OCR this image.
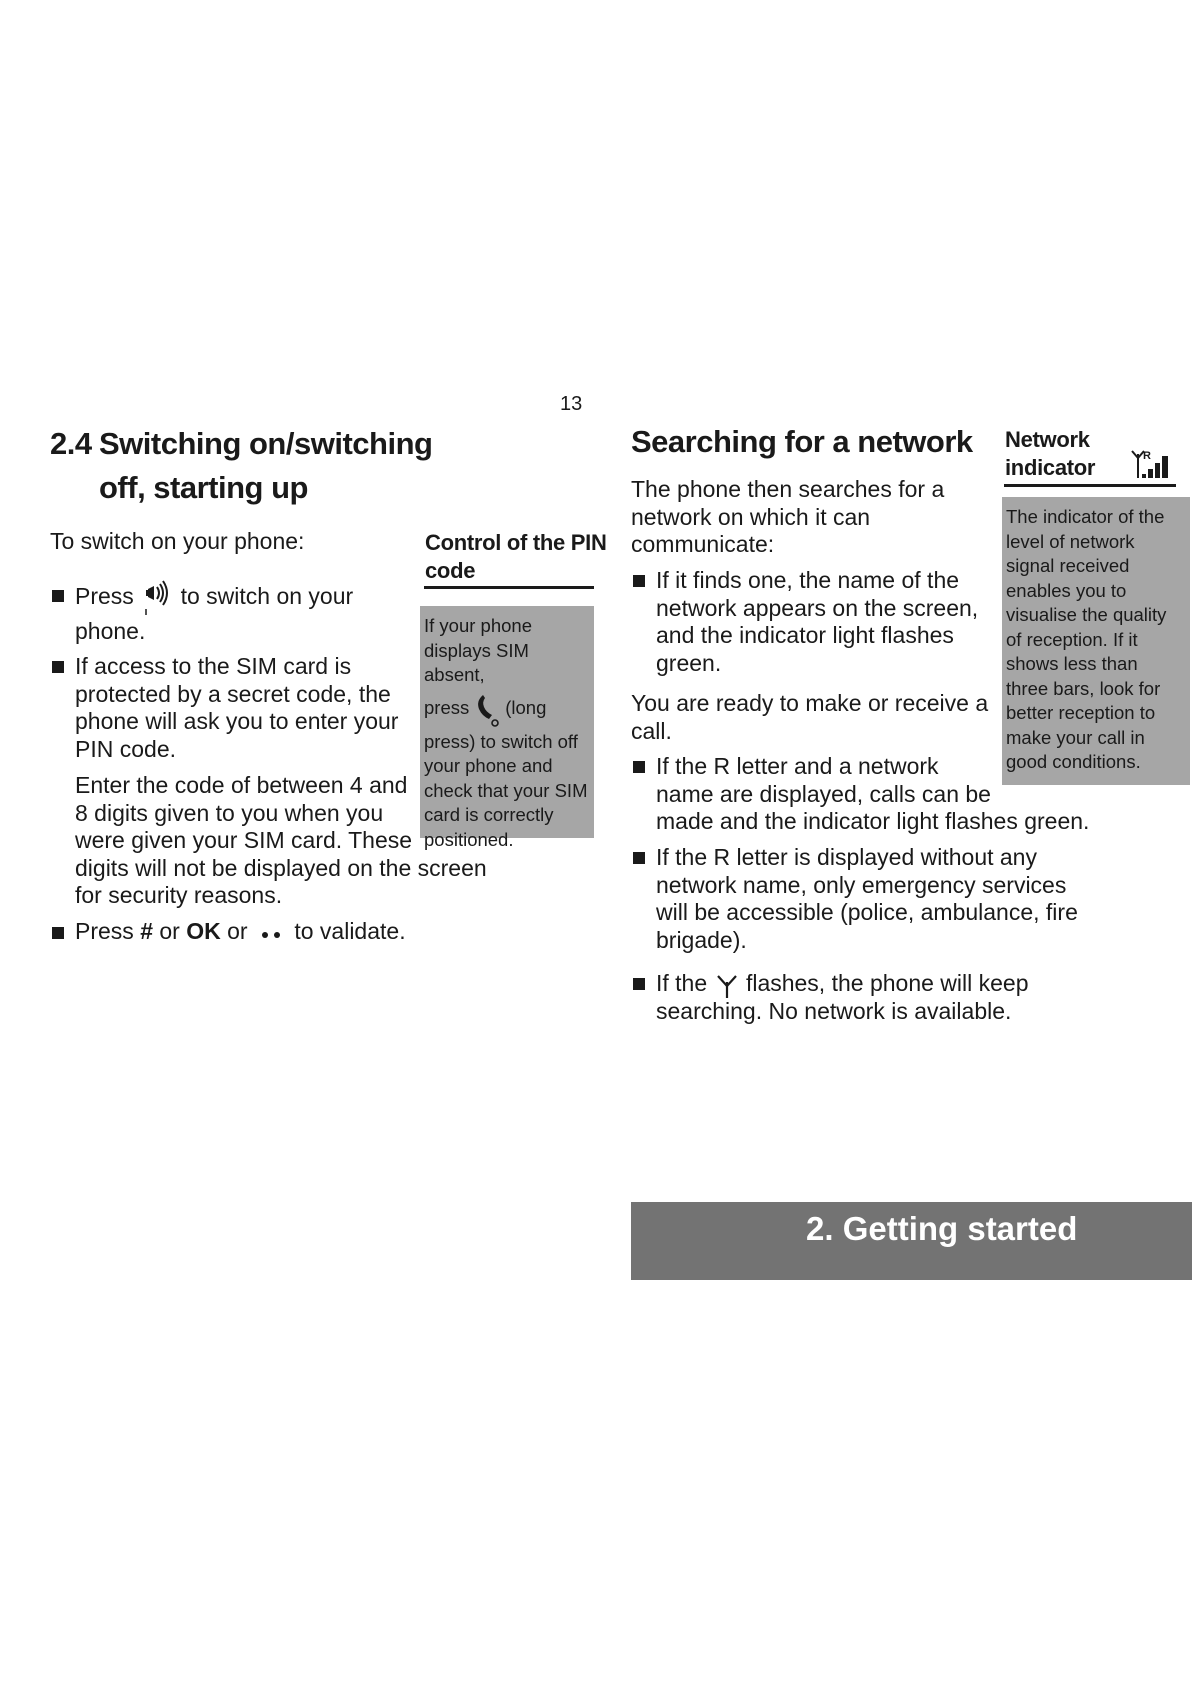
13
2.4 Switching on/switching off, starting up
To switch on your phone:
Press to switch on your
phone.
If access to the SIM card is
protected by a secret code, the
phone will ask you to enter your
PIN code.
Enter the code of between 4 and
8 digits given to you when you
were given your SIM card. These
digits will not be displayed on the screen
for security reasons.
Press # or OK or to validate.
Control of the PIN
code
If your phone
displays SIM absent,
press (long
press) to switch off
your phone and
check that your SIM
card is correctly
positioned.
Searching for a network
The phone then searches for a
network on which it can
communicate:
If it finds one, the name of the
network appears on the screen,
and the indicator light flashes
green.
You are ready to make or receive a
call.
If the R letter and a network
name are displayed, calls can be
made and the indicator light flashes green.
If the R letter is displayed without any
network name, only emergency services
will be accessible (police, ambulance, fire
brigade).
If the flashes, the phone will keep
searching. No network is available.
Network
indicator	R
The indicator of the
level of network
signal received
enables you to
visualise the quality
of reception. If it
shows less than
three bars, look for
better reception to
make your call in
good conditions.
2. Getting started
